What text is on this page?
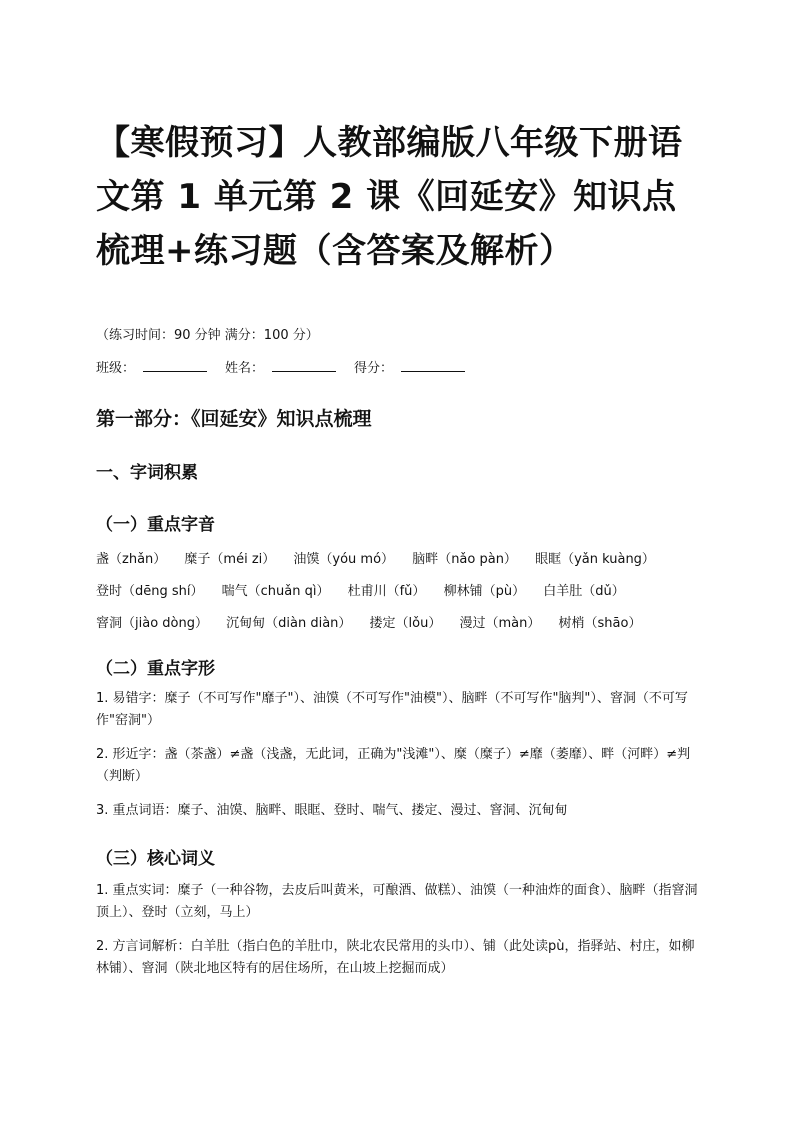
【寒假预习】人教部编版八年级下册语文第 1 单元第 2 课《回延安》知识点梳理+练习题（含答案及解析）

（练习时间：90 分钟 满分：100 分）

班级：	姓名：	得分：
第一部分：《回延安》知识点梳理
一、字词积累
（一）重点字音

盏（zhǎn） 糜子（méi zi） 油馍（yóu mó） 脑畔（nǎo pàn） 眼眶（yǎn kuàng）

登时（dēng shí） 喘气（chuǎn qì） 杜甫川（fǔ） 柳林铺（pù） 白羊肚（dǔ）

窨洞（jiào dòng） 沉甸甸（diàn diàn） 搂定（lǒu） 漫过（màn） 树梢（shāo）

（二）重点字形

1. 易错字：糜子（不可写作"靡子"）、油馍（不可写作"油模"）、脑畔（不可写作"脑判"）、窨洞（不可写作"窑洞"）

2. 形近字：盏（茶盏）≠盏（浅盏，无此词，正确为"浅滩"）、糜（糜子）≠靡（萎靡）、畔（河畔）≠判（判断）

3. 重点词语：糜子、油馍、脑畔、眼眶、登时、喘气、搂定、漫过、窨洞、沉甸甸

（三）核心词义

1. 重点实词：糜子（一种谷物，去皮后叫黄米，可酿酒、做糕）、油馍（一种油炸的面食）、脑畔（指窨洞顶上）、登时（立刻，马上）

2. 方言词解析：白羊肚（指白色的羊肚巾，陕北农民常用的头巾）、铺（此处读pù，指驿站、村庄，如柳林铺）、窨洞（陕北地区特有的居住场所，在山坡上挖掘而成）
